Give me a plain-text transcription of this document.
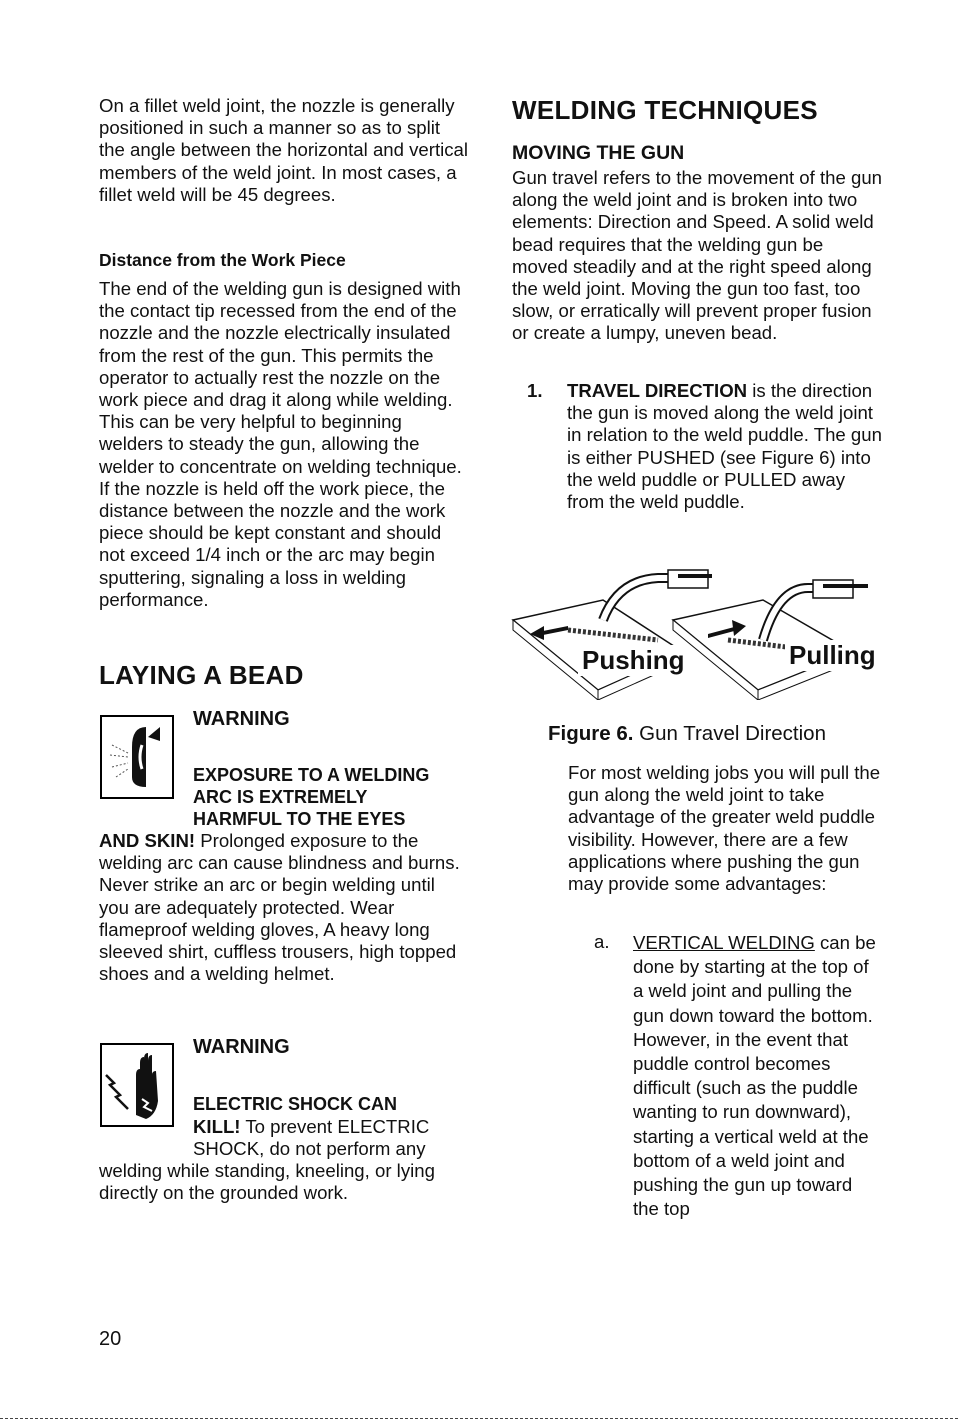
On a fillet weld joint, the nozzle is generally positioned in such a manner so as to split the angle between the horizontal and vertical members of the weld joint. In most cases, a fillet weld will be 45 degrees.

Distance from the Work Piece

The end of the welding gun is designed with the contact tip recessed from the end of the nozzle and the nozzle electrically insulated from the rest of the gun. This permits the operator to actually rest the nozzle on the work piece and drag it along while welding. This can be very helpful to beginning welders to steady the gun, allowing the welder to concentrate on welding technique. If the nozzle is held off the work piece, the distance between the nozzle and the work piece should be kept constant and should not exceed 1/4 inch or the arc may begin sputtering, signaling a loss in welding performance.

LAYING A BEAD
WARNING
EXPOSURE TO A WELDING
ARC IS EXTREMELY
HARMFUL TO THE EYES

AND SKIN! Prolonged exposure to the welding arc can cause blindness and burns. Never strike an arc or begin welding until you are adequately protected. Wear flameproof welding gloves, A heavy long sleeved shirt, cuffless trousers, high topped shoes and a welding helmet.

WARNING
ELECTRIC SHOCK CAN
KILL! To prevent ELECTRIC
SHOCK, do not perform any

welding while standing, kneeling, or lying directly on the grounded work.

WELDING TECHNIQUES
MOVING THE GUN

Gun travel refers to the movement of the gun along the weld joint and is broken into two elements: Direction and Speed. A solid weld bead requires that the welding gun be moved steadily and at the right speed along the weld joint. Moving the gun too fast, too slow, or erratically will prevent proper fusion or create a lumpy, uneven bead.

1. TRAVEL DIRECTION is the direction the gun is moved along the weld joint in relation to the weld puddle. The gun is either PUSHED (see Figure 6) into the weld puddle or PULLED away from the weld puddle.

Pushing	Pulling
Figure 6. Gun Travel Direction

For most welding jobs you will pull the gun along the weld joint to take advantage of the greater weld puddle visibility. However, there are a few applications where pushing the gun may provide some advantages:

a. VERTICAL WELDING can be done by starting at the top of a weld joint and pulling the gun down toward the bottom. However, in the event that puddle control becomes difficult (such as the puddle wanting to run downward), starting a vertical weld at the bottom of a weld joint and pushing the gun up toward the top

20
